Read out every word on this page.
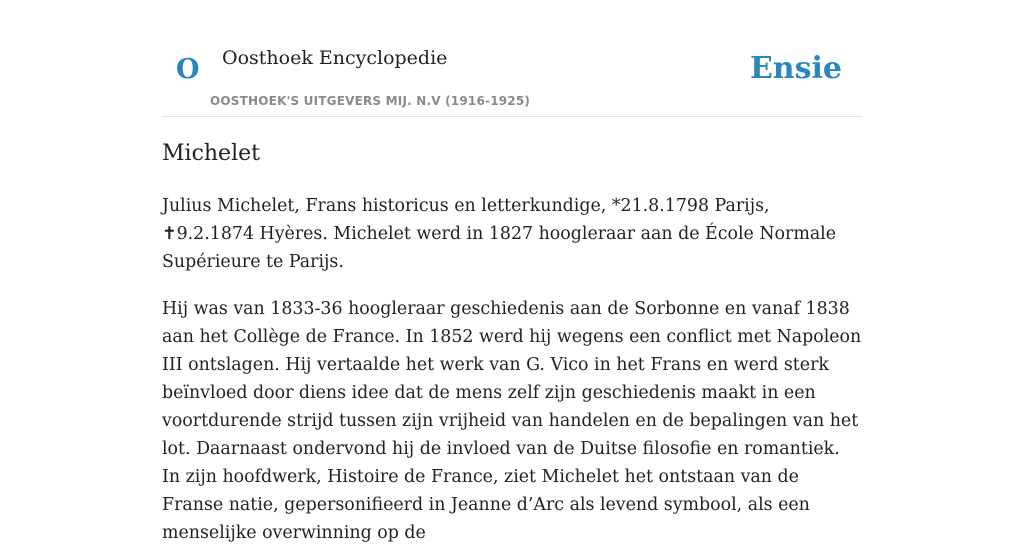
O Oosthoek Encyclopedie
OOSTHOEK'S UITGEVERS MIJ. N.V (1916-1925)
Ensie
Michelet

Julius Michelet, Frans historicus en letterkundige, *21.8.1798 Parijs, ✝9.2.1874 Hyères. Michelet werd in 1827 hoogleraar aan de École Normale Supérieure te Parijs.

Hij was van 1833-36 hoogleraar geschiedenis aan de Sorbonne en vanaf 1838 aan het Collège de France. In 1852 werd hij wegens een conflict met Napoleon III ontslagen. Hij vertaalde het werk van G. Vico in het Frans en werd sterk beïnvloed door diens idee dat de mens zelf zijn geschiedenis maakt in een voortdurende strijd tussen zijn vrijheid van handelen en de bepalingen van het lot. Daarnaast ondervond hij de invloed van de Duitse filosofie en romantiek. In zijn hoofdwerk, Histoire de France, ziet Michelet het ontstaan van de Franse natie, gepersonifieerd in Jeanne d’Arc als levend symbool, als een menselijke overwinning op de
